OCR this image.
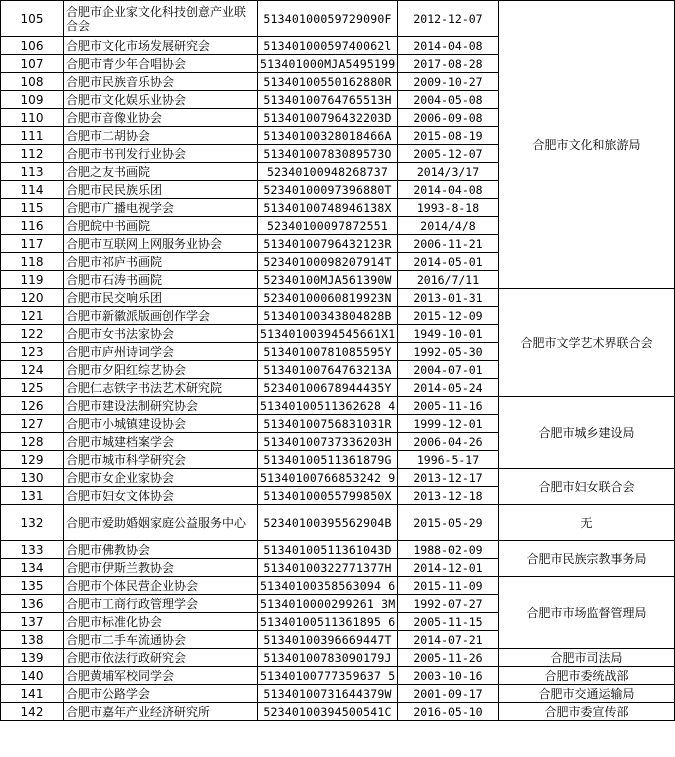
105	合肥市企业家文化科技创意产业联合会	51340100059729090F	2012-12-07	合肥市文化和旅游局
106	合肥市文化市场发展研究会	51340100059740062l	2014-04-08	
107	合肥市青少年合唱协会	513401000MJA5495199	2017-08-28	
108	合肥市民族音乐协会	51340100550162880R	2009-10-27	
109	合肥市文化娱乐业协会	51340100764765513H	2004-05-08	
110	合肥市音像业协会	51340100796432203D	2006-09-08	
111	合肥市二胡协会	51340100328018466A	2015-08-19	
112	合肥市书刊发行业协会	51340100783089573O	2005-12-07	
113	合肥之友书画院	52340100948268737	2014/3/17	
114	合肥市民民族乐团	52340100097396880T	2014-04-08	
115	合肥市广播电视学会	51340100748946138X	1993-8-18	
116	合肥皖中书画院	52340100097872551	2014/4/8	
117	合肥市互联网上网服务业协会	51340100796432123R	2006-11-21	
118	合肥市祁庐书画院	52340100098207914T	2014-05-01	
119	合肥市石涛书画院	52340100MJA561390W	2016/7/11	
120	合肥市民交响乐团	52340100060819923N	2013-01-31	合肥市文学艺术界联合会
121	合肥市新徽派版画创作学会	51340100343804828B	2015-12-09	
122	合肥市女书法家协会	51340100394545661X1	1949-10-01	
123	合肥市庐州诗词学会	51340100781085595Y	1992-05-30	
124	合肥市夕阳红综艺协会	51340100764763213A	2004-07-01	
125	合肥仁志铁字书法艺术研究院	52340100678944435Y	2014-05-24	
126	合肥市建设法制研究协会	51340100511362628 4	2005-11-16	合肥市城乡建设局
127	合肥市小城镇建设协会	51340100756831031R	1999-12-01	
128	合肥市城建档案学会	51340100737336203H	2006-04-26	
129	合肥市城市科学研究会	51340100511361879G	1996-5-17	
130	合肥市女企业家协会	51340100766853242 9	2013-12-17	合肥市妇女联合会
131	合肥市妇女文体协会	51340100055799850X	2013-12-18	
132	合肥市爱助婚姻家庭公益服务中心	52340100395562904B	2015-05-29	无
133	合肥市佛教协会	51340100511361043D	1988-02-09	合肥市民族宗教事务局
134	合肥市伊斯兰教协会	51340100322771377H	2014-12-01	
135	合肥市个体民营企业协会	51340100358563094 6	2015-11-09	合肥市市场监督管理局
136	合肥市工商行政管理学会	5134010000299261 3M	1992-07-27	
137	合肥市标准化协会	51340100511361895 6	2005-11-15	
138	合肥市二手车流通协会	51340100396669447T	2014-07-21	
139	合肥市依法行政研究会	51340100783090179J	2005-11-26	合肥市司法局
140	合肥黄埔军校同学会	51340100777359637 5	2003-10-16	合肥市委统战部
141	合肥市公路学会	51340100731644379W	2001-09-17	合肥市交通运输局
142	合肥市嘉年产业经济研究所	52340100394500541C	2016-05-10	合肥市委宣传部
